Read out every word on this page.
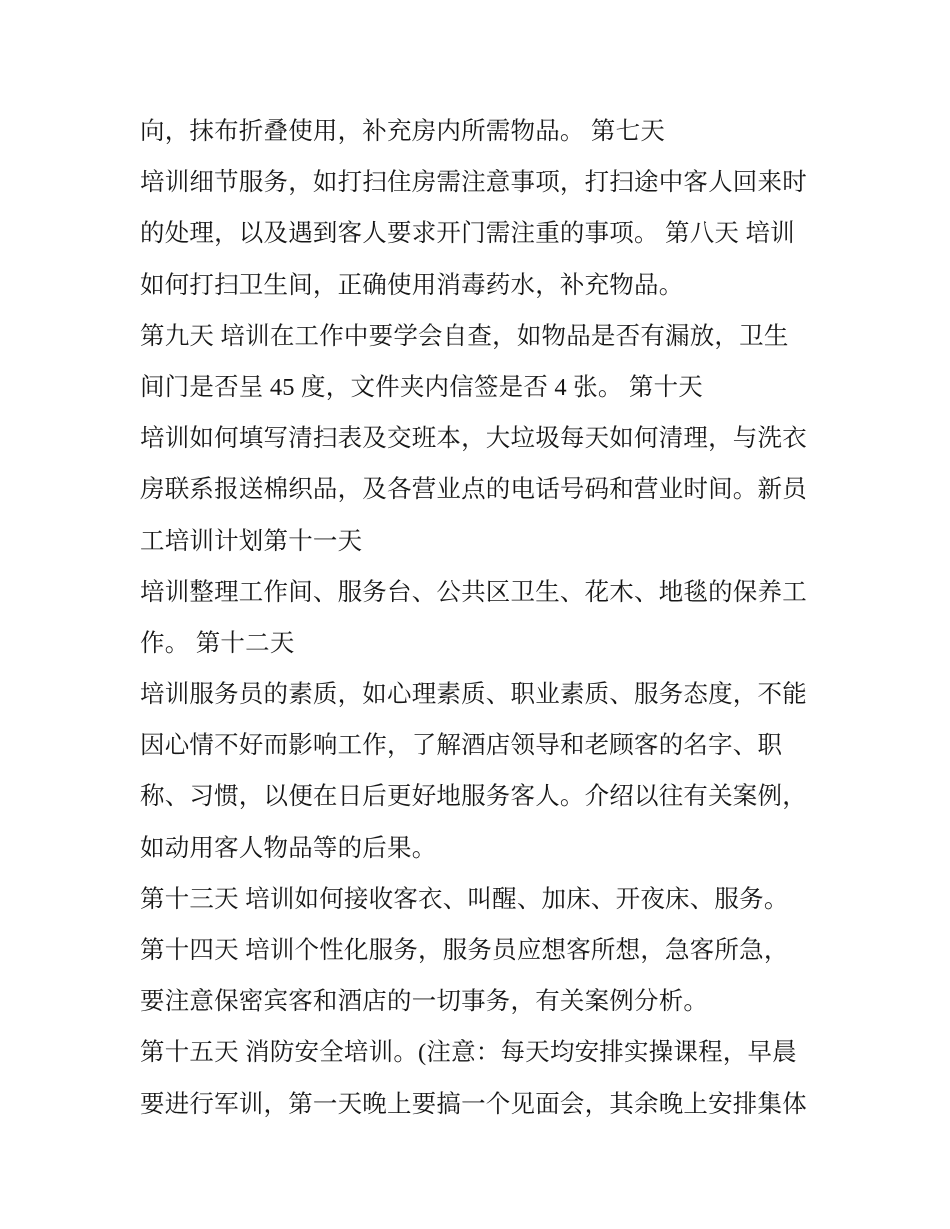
向，抹布折叠使用，补充房内所需物品。 第七天
培训细节服务，如打扫住房需注意事项，打扫途中客人回来时
的处理，以及遇到客人要求开门需注重的事项。 第八天 培训
如何打扫卫生间，正确使用消毒药水，补充物品。
第九天 培训在工作中要学会自查，如物品是否有漏放，卫生
间门是否呈 45 度，文件夹内信签是否 4 张。 第十天
培训如何填写清扫表及交班本，大垃圾每天如何清理，与洗衣
房联系报送棉织品，及各营业点的电话号码和营业时间。新员
工培训计划第十一天
培训整理工作间、服务台、公共区卫生、花木、地毯的保养工
作。 第十二天
培训服务员的素质，如心理素质、职业素质、服务态度，不能
因心情不好而影响工作，了解酒店领导和老顾客的名字、职
称、习惯，以便在日后更好地服务客人。介绍以往有关案例，
如动用客人物品等的后果。
第十三天 培训如何接收客衣、叫醒、加床、开夜床、服务。
第十四天 培训个性化服务，服务员应想客所想，急客所急，
要注意保密宾客和酒店的一切事务，有关案例分析。
第十五天 消防安全培训。(注意：每天均安排实操课程，早晨
要进行军训，第一天晚上要搞一个见面会，其余晚上安排集体
